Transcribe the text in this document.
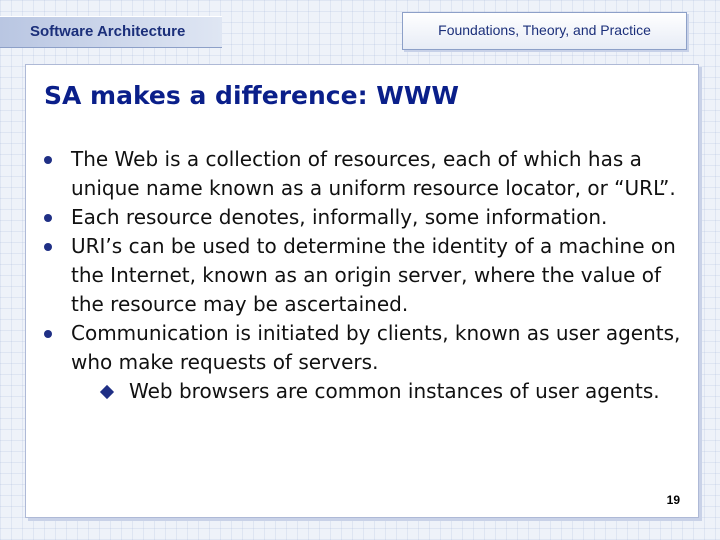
Software Architecture	Foundations, Theory, and Practice
SA makes a difference: WWW
The Web is a collection of resources, each of which has a unique name known as a uniform resource locator, or “URL”.
Each resource denotes, informally, some information.
URI’s can be used to determine the identity of a machine on the Internet, known as an origin server, where the value of the resource may be ascertained.
Communication is initiated by clients, known as user agents, who make requests of servers.
Web browsers are common instances of user agents.
19
